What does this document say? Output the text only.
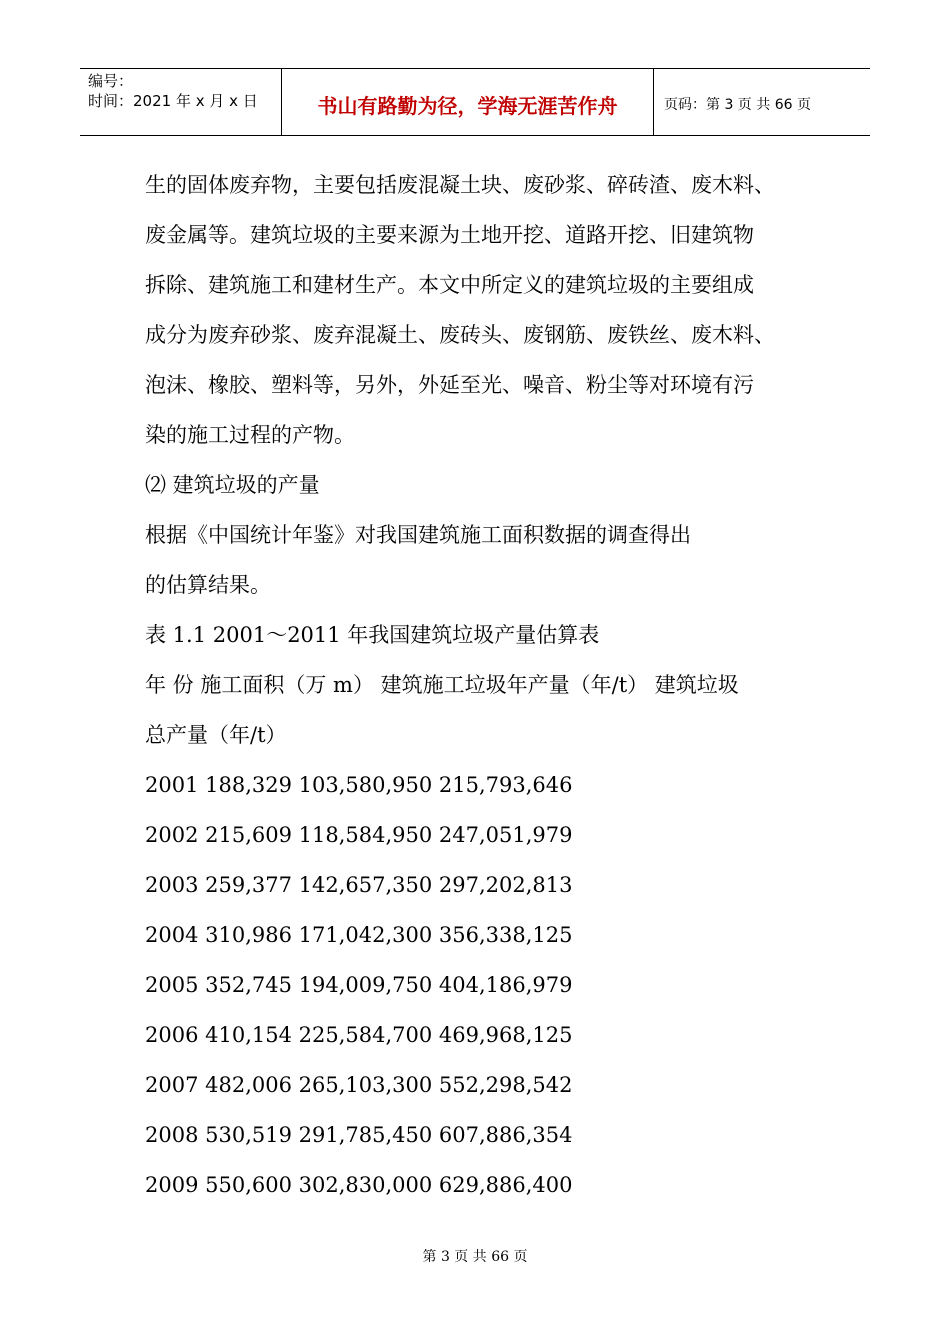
编号：
时间：2021 年 x 月 x 日	书山有路勤为径，学海无涯苦作舟	页码：第 3 页 共 66 页
生的固体废弃物，主要包括废混凝土块、废砂浆、碎砖渣、废木料、
废金属等。建筑垃圾的主要来源为土地开挖、道路开挖、旧建筑物
拆除、建筑施工和建材生产。本文中所定义的建筑垃圾的主要组成
成分为废弃砂浆、废弃混凝土、废砖头、废钢筋、废铁丝、废木料、
泡沫、橡胶、塑料等，另外，外延至光、噪音、粉尘等对环境有污
染的施工过程的产物。
⑵ 建筑垃圾的产量
根据《中国统计年鉴》对我国建筑施工面积数据的调查得出
的估算结果。
表 1.1 2001～2011 年我国建筑垃圾产量估算表
年 份 施工面积（万 m） 建筑施工垃圾年产量（年/t） 建筑垃圾
总产量（年/t）
2001 188,329 103,580,950 215,793,646
2002 215,609 118,584,950 247,051,979
2003 259,377 142,657,350 297,202,813
2004 310,986 171,042,300 356,338,125
2005 352,745 194,009,750 404,186,979
2006 410,154 225,584,700 469,968,125
2007 482,006 265,103,300 552,298,542
2008 530,519 291,785,450 607,886,354
2009 550,600 302,830,000 629,886,400
第 3 页 共 66 页
